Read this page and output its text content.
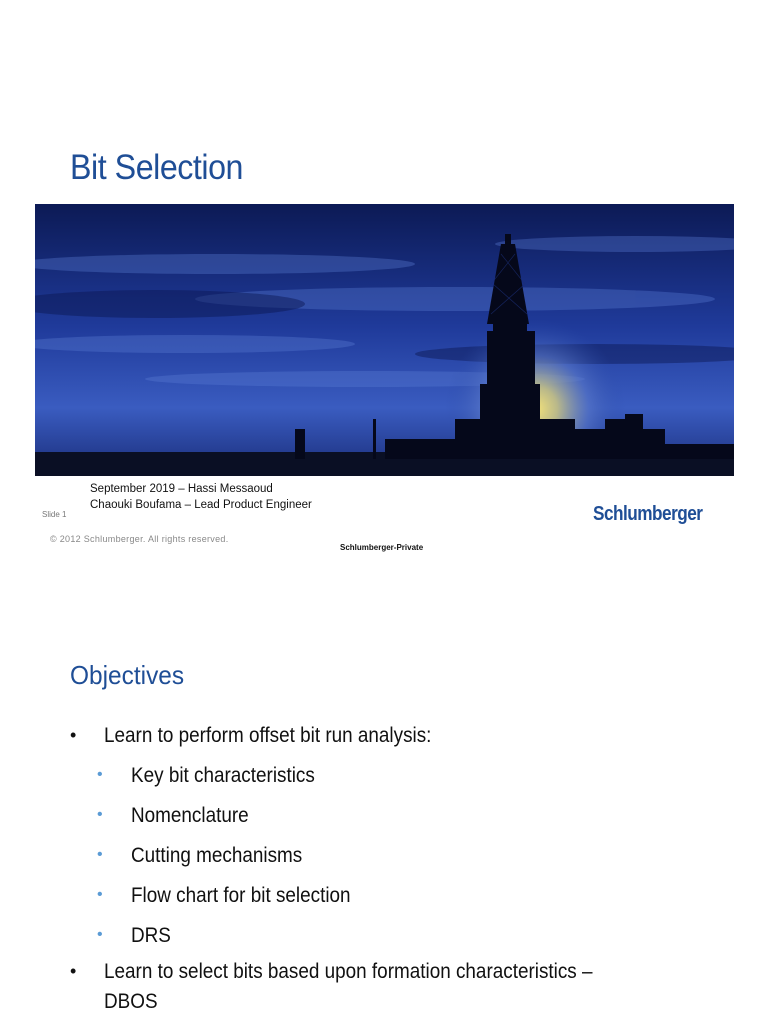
Bit Selection
September 2019 – Hassi Messaoud
Chaouki Boufama – Lead Product Engineer
Slide 1
© 2012 Schlumberger. All rights reserved.
Schlumberger-Private
Schlumberger
Objectives
• Learn to perform offset bit run analysis:
• Key bit characteristics
• Nomenclature
• Cutting mechanisms
• Flow chart for bit selection
• DRS
• Learn to select bits based upon formation characteristics –
DBOS
